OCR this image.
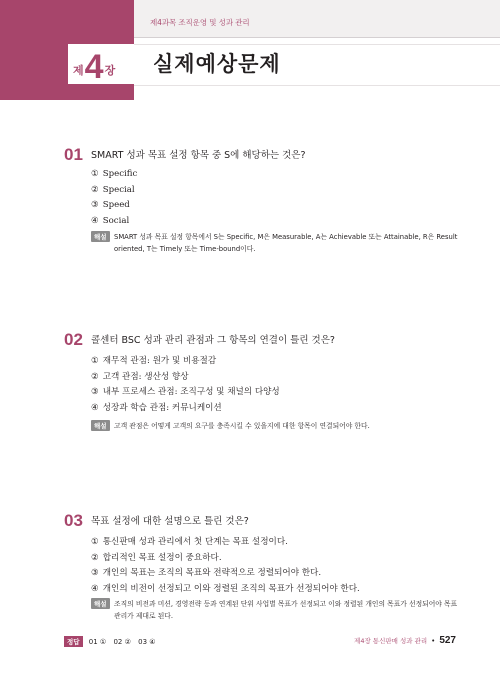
제4과목 조직운영 및 성과 관리
제 4 장 실제예상문제
01 SMART 성과 목표 설정 항목 중 S에 해당하는 것은?
① Specific
② Special
③ Speed
④ Social
해설	SMART 성과 목표 설정 항목에서 S는 Specific, M은 Measurable, A는 Achievable 또는 Attainable, R은 Result oriented, T는 Timely 또는 Time-bound이다.
02 콜센터 BSC 성과 관리 관점과 그 항목의 연결이 틀린 것은?
① 재무적 관점: 원가 및 비용절감
② 고객 관점: 생산성 향상
③ 내부 프로세스 관점: 조직구성 및 채널의 다양성
④ 성장과 학습 관점: 커뮤니케이션
해설	고객 관점은 어떻게 고객의 요구를 충족시킬 수 있을지에 대한 항목이 연결되어야 한다.
03 목표 설정에 대한 설명으로 틀린 것은?
① 통신판매 성과 관리에서 첫 단계는 목표 설정이다.
② 합리적인 목표 설정이 중요하다.
③ 개인의 목표는 조직의 목표와 전략적으로 정렬되어야 한다.
④ 개인의 비전이 선정되고 이와 정렬된 조직의 목표가 선정되어야 한다.
해설	조직의 비전과 미션, 경영전략 등과 연계된 단위 사업별 목표가 선정되고 이와 정렬된 개인의 목표가 선정되어야 목표 관리가 제대로 된다.
정답 01 ① 02 ② 03 ④	제4장 통신판매 성과 관리 • 527
